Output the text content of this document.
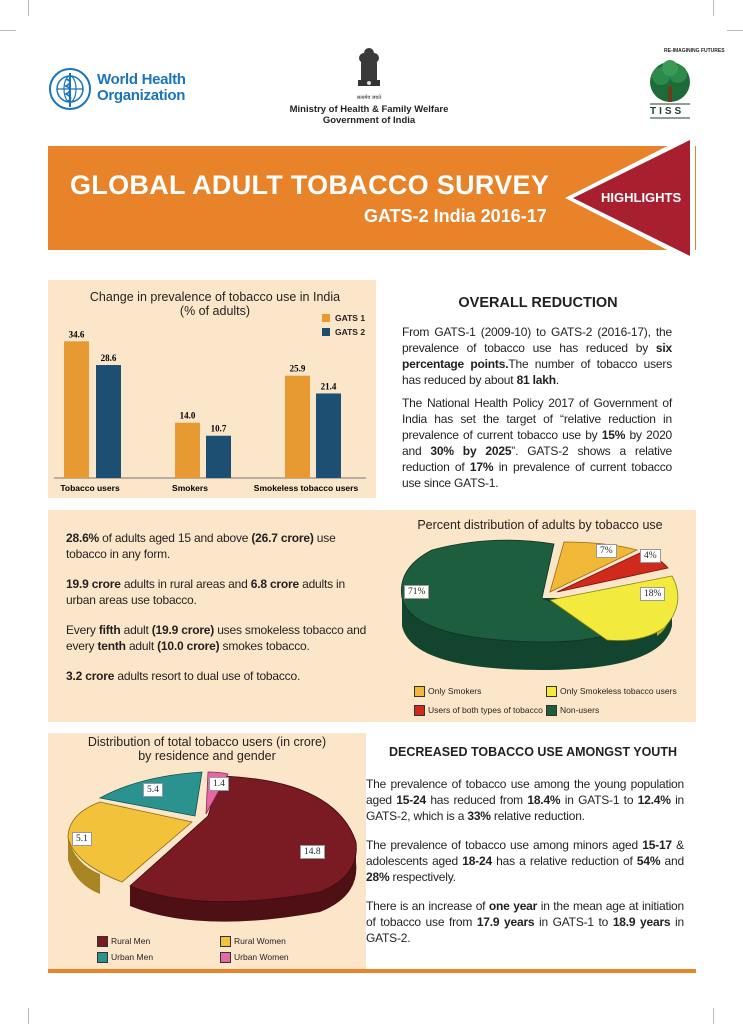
World Health
Organization	सत्यमेव जयते
Ministry of Health & Family Welfare
Government of India
RE-IMAGINING FUTURES
TISS
HIGHLIGHTS
GLOBAL ADULT TOBACCO SURVEY
GATS-2 India 2016-17
Change in prevalence of tobacco use in India
(% of adults)	GATS 1
GATS 2
34.6
28.6
Tobacco users
14.0
10.7
Smokers
25.9
21.4
Smokeless tobacco users
OVERALL REDUCTION

From GATS-1 (2009-10) to GATS-2 (2016-17), the prevalence of tobacco use has reduced by six percentage points.The number of tobacco users has reduced by about 81 lakh.

The National Health Policy 2017 of Government of India has set the target of “relative reduction in prevalence of current tobacco use by 15% by 2020 and 30% by 2025”. GATS-2 shows a relative reduction of 17% in prevalence of current tobacco use since GATS-1.

28.6% of adults aged 15 and above (26.7 crore) use tobacco in any form.

19.9 crore adults in rural areas and 6.8 crore adults in urban areas use tobacco.

Every fifth adult (19.9 crore) uses smokeless tobacco and every tenth adult (10.0 crore) smokes tobacco.

3.2 crore adults resort to dual use of tobacco.

Percent distribution of adults by tobacco use
71%
7%	4%
18%
Only Smokers	Only Smokeless tobacco users
Users of both types of tobacco	Non-users
Distribution of total tobacco users (in crore)
by residence and gender
14.8
5.1
5.4
1.4
Rural Men	Rural Women
Urban Men	Urban Women
DECREASED TOBACCO USE AMONGST YOUTH

The prevalence of tobacco use among the young population aged 15-24 has reduced from 18.4% in GATS-1 to 12.4% in GATS-2, which is a 33% relative reduction.

The prevalence of tobacco use among minors aged 15-17 & adolescents aged 18-24 has a relative reduction of 54% and 28% respectively.

There is an increase of one year in the mean age at initiation of tobacco use from 17.9 years in GATS-1 to 18.9 years in GATS-2.
